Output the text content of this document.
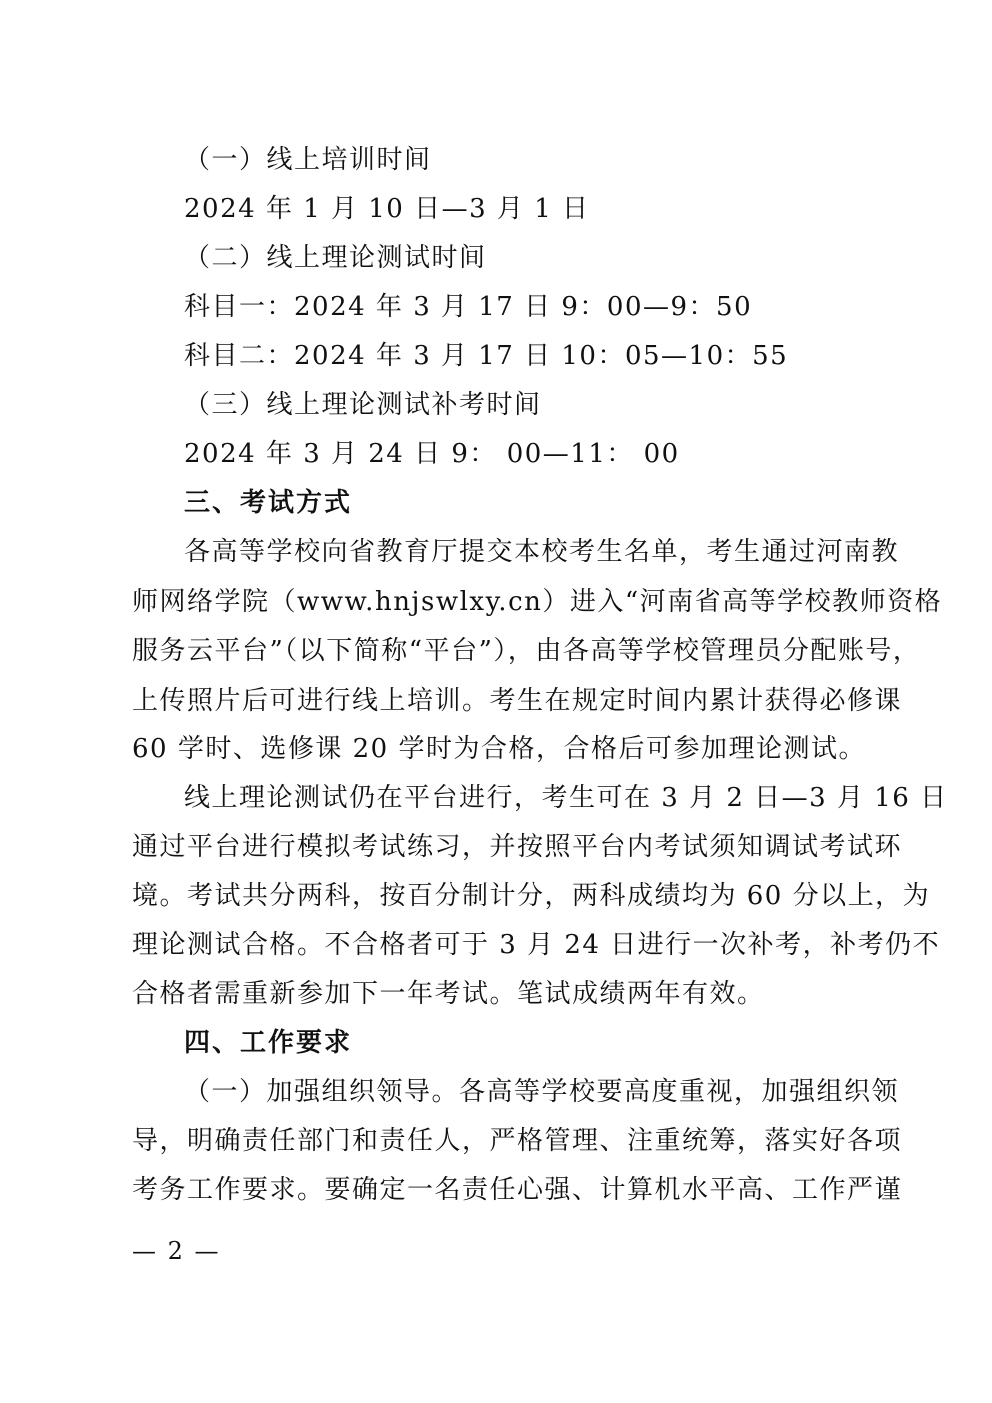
（一）线上培训时间
2024 年 1 月 10 日—3 月 1 日
（二）线上理论测试时间
科目一：2024 年 3 月 17 日 9：00—9：50
科目二：2024 年 3 月 17 日 10：05—10：55
（三）线上理论测试补考时间
2024 年 3 月 24 日 9： 00—11： 00
三、考试方式
各高等学校向省教育厅提交本校考生名单，考生通过河南教
师网络学院（www.hnjswlxy.cn）进入“河南省高等学校教师资格
服务云平台”（以下简称“平台”），由各高等学校管理员分配账号，
上传照片后可进行线上培训。考生在规定时间内累计获得必修课
60 学时、选修课 20 学时为合格，合格后可参加理论测试。
线上理论测试仍在平台进行，考生可在 3 月 2 日—3 月 16 日
通过平台进行模拟考试练习，并按照平台内考试须知调试考试环
境。考试共分两科，按百分制计分，两科成绩均为 60 分以上，为
理论测试合格。不合格者可于 3 月 24 日进行一次补考，补考仍不
合格者需重新参加下一年考试。笔试成绩两年有效。
四、工作要求
（一）加强组织领导。各高等学校要高度重视，加强组织领
导，明确责任部门和责任人，严格管理、注重统筹，落实好各项
考务工作要求。要确定一名责任心强、计算机水平高、工作严谨
— 2 —
